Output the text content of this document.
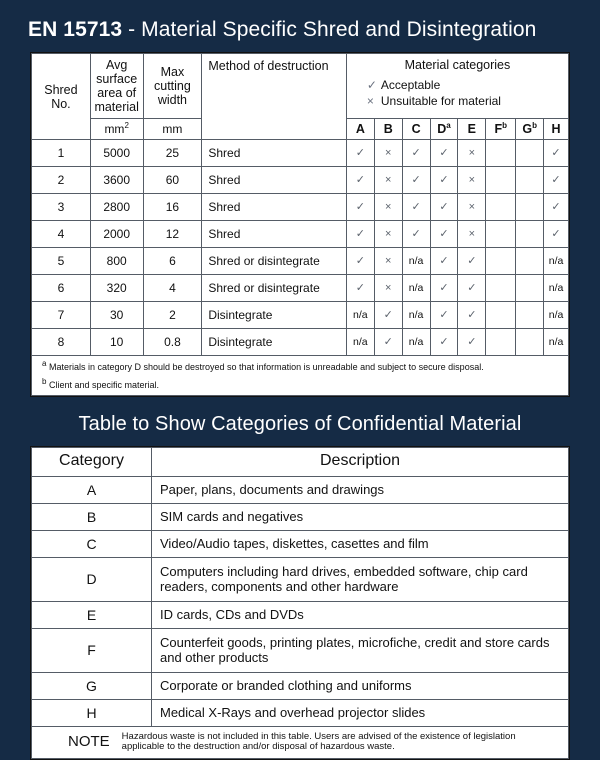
EN 15713 - Material Specific Shred and Disintegration
Shred
No.

Avg
surface
area of
material

Max
cutting
width
	Method of destruction	Material categories
✓ Acceptable
× Unsuitable for material

	$mm^2$	mm		A	B	C	$D^a$	E	$F^b$	$G^b$	H
1	5000	25	Shred	✓	×	✓	✓	×			✓
2	3600	60	Shred	✓	×	✓	✓	×			✓
3	2800	16	Shred	✓	×	✓	✓	×			✓
4	2000	12	Shred	✓	×	✓	✓	×			✓
5	800	6	Shred or disintegrate	✓	×	n/a	✓	✓			n/a
6	320	4	Shred or disintegrate	✓	×	n/a	✓	✓			n/a
7	30	2	Disintegrate	n/a	✓	n/a	✓	✓			n/a
8	10	0.8	Disintegrate	n/a	✓	n/a	✓	✓			n/a

$^a$ Materials in category D should be destroyed so that information is unreadable and subject to secure disposal.

$^b$ Client and specific material.											

Table to Show Categories of Confidential Material
Category	Description
A	Paper, plans, documents and drawings
B	SIM cards and negatives
C	Video/Audio tapes, diskettes, casettes and film
D	Computers including hard drives, embedded software, chip card readers, components and other hardware
E	ID cards, CDs and DVDs
F	Counterfeit goods, printing plates, microfiche, credit and store cards and other products
G	Corporate or branded clothing and uniforms
H	Medical X-Rays and overhead projector slides

NOTE Hazardous waste is not included in this table. Users are advised of the existence of legislation applicable to the destruction and/or disposal of hazardous waste.	
